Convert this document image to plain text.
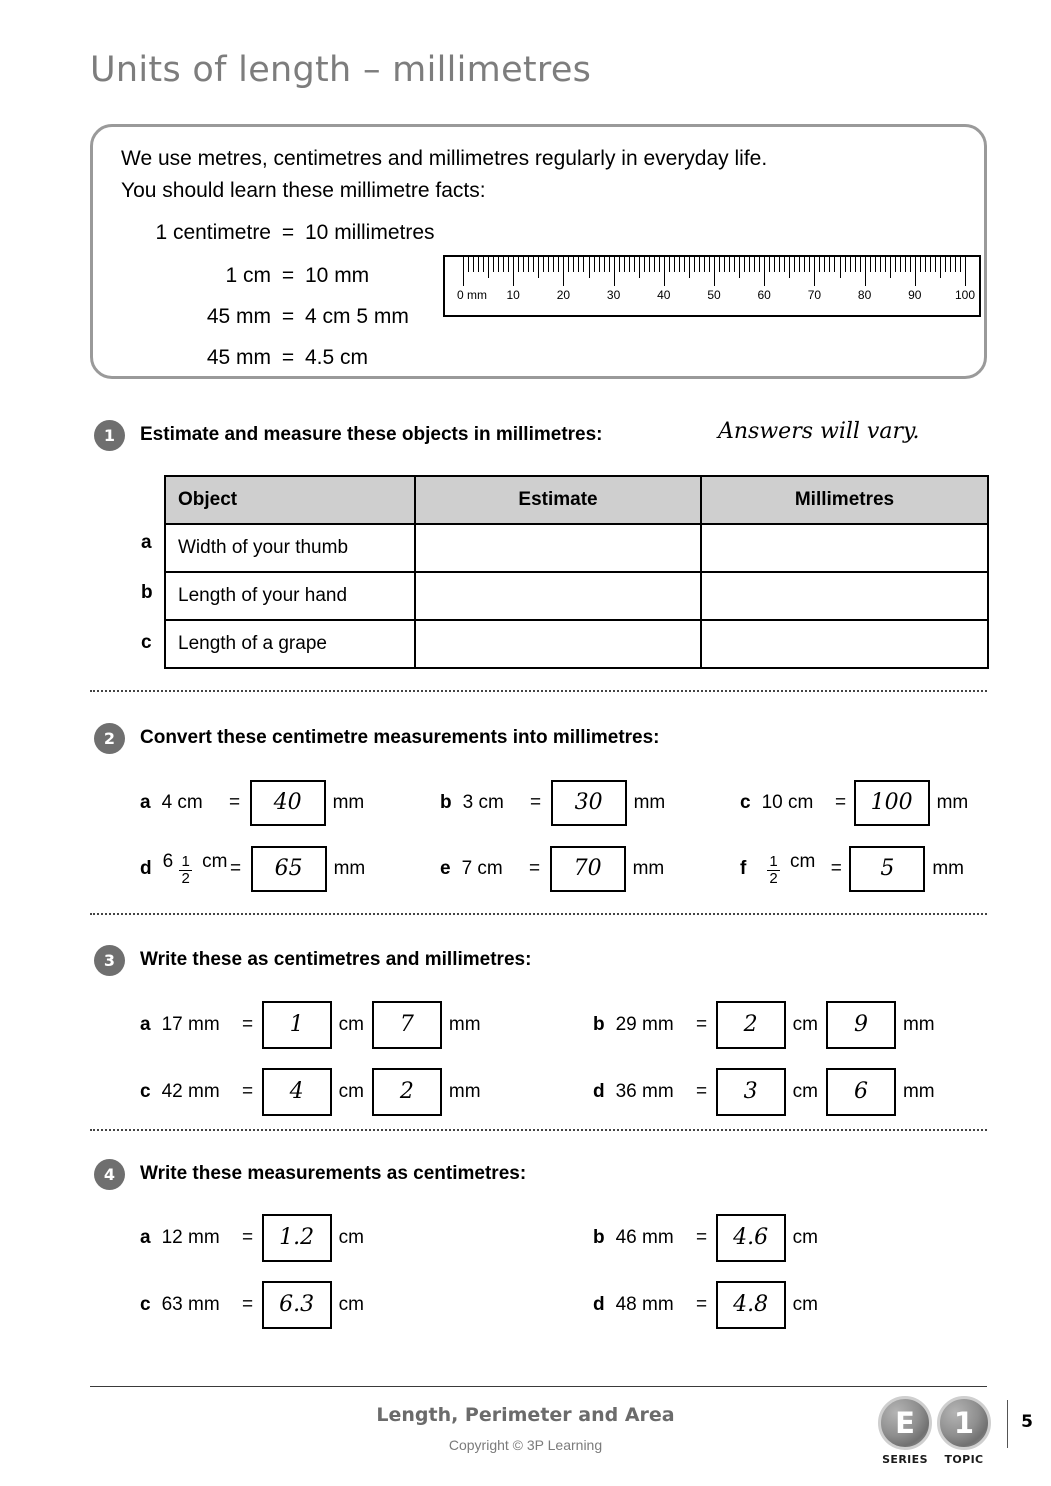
Units of length – millimetres
We use metres, centimetres and millimetres regularly in everyday life.
You should learn these millimetre facts:
1 centimetre = 10 millimetres
1 cm = 10 mm
45 mm = 4 cm 5 mm
45 mm = 4.5 cm
0 mm 10	20	30	40	50	60	70	80	90	100
1	Estimate and measure these objects in millimetres:	Answers will vary.
a
b
c
Object	Estimate	Millimetres
Width of your thumb		
Length of your hand		
Length of a grape		
2	Convert these centimetre measurements into millimetres:
a 4 cm	=	40	mm	b 3 cm	=	30	mm	c 10 cm	=	100	mm
d $6 \frac{1}{2}$ cm =	65	mm	e 7 cm	=	70	mm	f $\frac{1}{2}$ cm =	5	mm
3	Write these as centimetres and millimetres:
a 17 mm	=	1	cm	7	mm	b 29 mm	=	2	cm	9	mm
c 42 mm	=	4	cm	2	mm	d 36 mm	=	3	cm	6	mm
4	Write these measurements as centimetres:
a 12 mm	=	1.2	cm	b 46 mm	=	4.6	cm
c 63 mm	=	6.3	cm	d 48 mm	=	4.8	cm
Length, Perimeter and Area
Copyright © 3P Learning
E
SERIES
1
TOPIC
5
